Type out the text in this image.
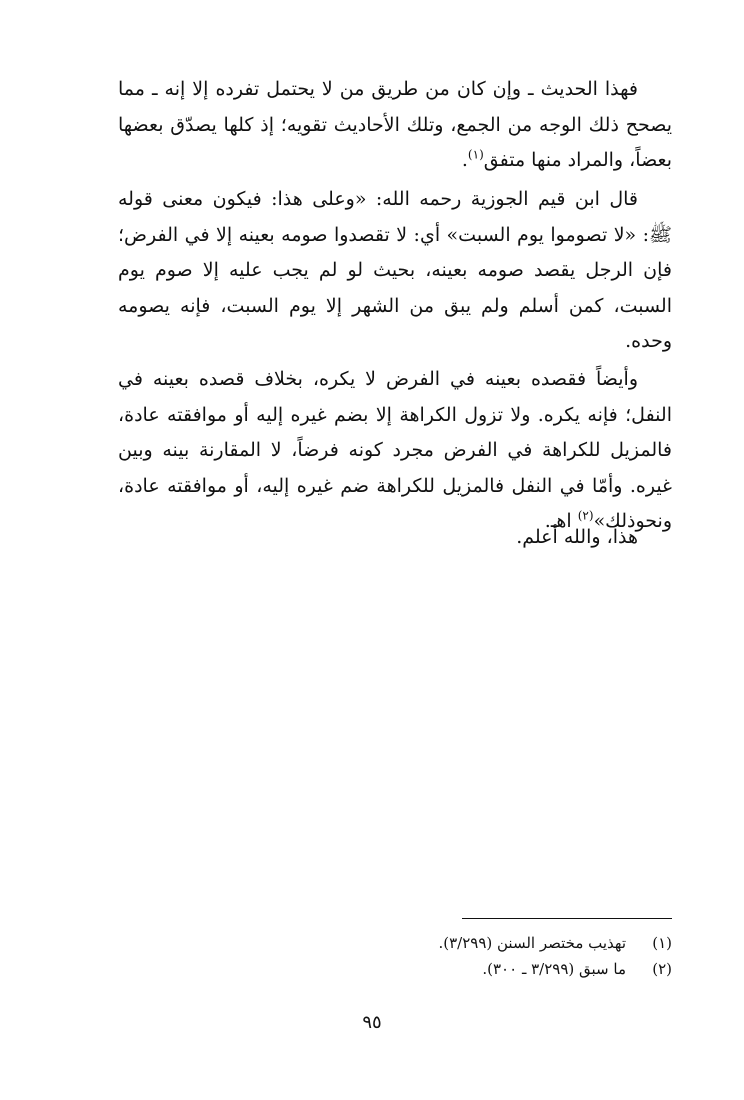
فهذا الحديث ـ وإن كان من طريق من لا يحتمل تفرده إلا إنه ـ مما يصحح ذلك الوجه من الجمع، وتلك الأحاديث تقويه؛ إذ كلها يصدّق بعضها بعضاً، والمراد منها متفق$^{(١)}$.

قال ابن قيم الجوزية رحمه الله: «وعلى هذا: فيكون معنى قوله ﷺ: «لا تصوموا يوم السبت» أي: لا تقصدوا صومه بعينه إلا في الفرض؛ فإن الرجل يقصد صومه بعينه، بحيث لو لم يجب عليه إلا صوم يوم السبت، كمن أسلم ولم يبق من الشهر إلا يوم السبت، فإنه يصومه وحده.

وأيضاً فقصده بعينه في الفرض لا يكره، بخلاف قصده بعينه في النفل؛ فإنه يكره. ولا تزول الكراهة إلا بضم غيره إليه أو موافقته عادة، فالمزيل للكراهة في الفرض مجرد كونه فرضاً، لا المقارنة بينه وبين غيره. وأمّا في النفل فالمزيل للكراهة ضم غيره إليه، أو موافقته عادة، ونحوذلك»$^{(٢)}$ اهـ.

هذا، والله أعلم.

(١)
تهذيب مختصر السنن (٣/٢٩٩).
(٢)
ما سبق (٣/٢٩٩ ـ ٣٠٠).
٩٥
